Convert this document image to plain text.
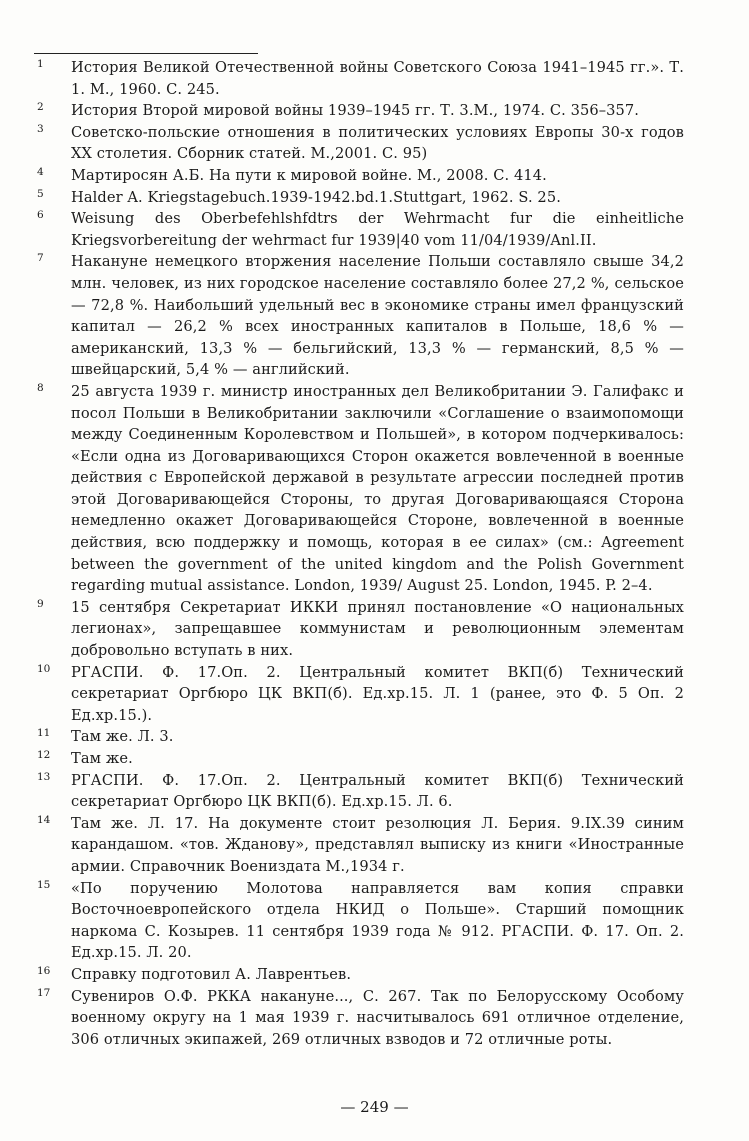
1 История Великой Отечественной войны Советского Союза 1941–1945 гг.». Т. 1. М., 1960. С. 245.
2 История Второй мировой войны 1939–1945 гг. Т. 3.М., 1974. С. 356–357.
3 Советско-польские отношения в политических условиях Европы 30-х годов XX столетия. Сборник статей. М.,2001. С. 95)
4 Мартиросян А.Б. На пути к мировой войне. М., 2008. С. 414.
5 Halder A. Kriegstagebuch.1939-1942.bd.1.Stuttgart, 1962. S. 25.
6 Weisung des Oberbefehlshfdtrs der Wehrmacht fur die einheitliche Kriegsvorbereitung der wehrmact fur 1939|40 vom 11/04/1939/Anl.II.
7 Накануне немецкого вторжения население Польши составляло свыше 34,2 млн. человек, из них городское население составляло более 27,2 %, сельское — 72,8 %. Наибольший удельный вес в экономике страны имел французский капитал — 26,2 % всех иностранных капиталов в Польше, 18,6 % — американский, 13,3 % — бельгийский, 13,3 % — германский, 8,5 % — швейцарский, 5,4 % — английский.
8 25 августа 1939 г. министр иностранных дел Великобритании Э. Галифакс и посол Польши в Великобритании заключили «Соглашение о взаимопомощи между Соединенным Королевством и Польшей», в котором подчеркивалось: «Если одна из Договаривающихся Сторон окажется вовлеченной в военные действия с Европейской державой в результате агрессии последней против этой Договаривающейся Стороны, то другая Договаривающаяся Сторона немедленно окажет Договаривающейся Стороне, вовлеченной в военные действия, всю поддержку и помощь, которая в ее силах» (см.: Agreement between the government of the united kingdom and the Polish Government regarding mutual assistance. London, 1939/ August 25. London, 1945. P. 2–4.
9 15 сентября Секретариат ИККИ принял постановление «О национальных легионах», запрещавшее коммунистам и революционным элементам добровольно вступать в них.
10 РГАСПИ. Ф. 17.Оп. 2. Центральный комитет ВКП(б) Технический секретариат Оргбюро ЦК ВКП(б). Ед.хр.15. Л. 1 (ранее, это Ф. 5 Оп. 2 Ед.хр.15.).
11 Там же. Л. 3.
12 Там же.
13 РГАСПИ. Ф. 17.Оп. 2. Центральный комитет ВКП(б) Технический секретариат Оргбюро ЦК ВКП(б). Ед.хр.15. Л. 6.
14 Там же. Л. 17. На документе стоит резолюция Л. Берия. 9.IX.39 синим карандашом. «тов. Жданову», представлял выписку из книги «Иностранные армии. Справочник Воениздата М.,1934 г.
15 «По поручению Молотова направляется вам копия справки Восточноевропейского отдела НКИД о Польше». Старший помощник наркома С. Козырев. 11 сентября 1939 года № 912. РГАСПИ. Ф. 17. Оп. 2. Ед.хр.15. Л. 20.
16 Справку подготовил А. Лаврентьев.
17 Сувениров О.Ф. РККА накануне..., С. 267. Так по Белорусскому Особому военному округу на 1 мая 1939 г. насчитывалось 691 отличное отделение, 306 отличных экипажей, 269 отличных взводов и 72 отличные роты.
— 249 —
